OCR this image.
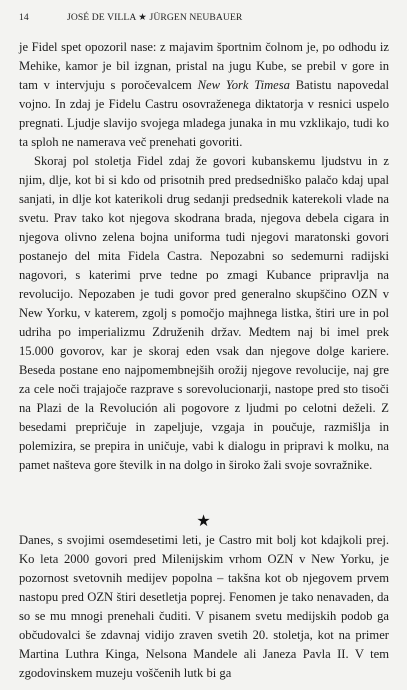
14	JOSÉ DE VILLA ★ JÜRGEN NEUBAUER

je Fidel spet opozoril nase: z majavim športnim čolnom je, po odhodu iz Mehike, kamor je bil izgnan, pristal na jugu Kube, se prebil v gore in tam v intervjuju s poročevalcem New York Timesa Batistu napovedal vojno. In zdaj je Fidelu Castru osovraženega diktatorja v resnici uspelo pregnati. Ljudje slavijo svojega mladega junaka in mu vzklikajo, tudi ko ta sploh ne namerava več prenehati govoriti.

Skoraj pol stoletja Fidel zdaj že govori kubanskemu ljudstvu in z njim, dlje, kot bi si kdo od prisotnih pred predsedniško palačo kdaj upal sanjati, in dlje kot katerikoli drug sedanji predsednik katerekoli vlade na svetu. Prav tako kot njegova skodrana brada, njegova debela cigara in njegova olivno zelena bojna uniforma tudi njegovi maratonski govori postanejo del mita Fidela Castra. Nepozabni so sedemurni radijski nagovori, s katerimi prve tedne po zmagi Kubance pripravlja na revolucijo. Nepozaben je tudi govor pred generalno skupščino OZN v New Yorku, v katerem, zgolj s pomočjo majhnega listka, štiri ure in pol udriha po imperializmu Združenih držav. Medtem naj bi imel prek 15.000 govorov, kar je skoraj eden vsak dan njegove dolge kariere. Beseda postane eno najpomembnejših orožij njegove revolucije, naj gre za cele noči trajajoče razprave s sorevolucionarji, nastope pred sto tisoči na Plazi de la Revolución ali pogovore z ljudmi po celotni deželi. Z besedami prepričuje in zapeljuje, vzgaja in poučuje, razmišlja in polemizira, se prepira in uničuje, vabi k dialogu in pripravi k molku, na pamet našteva gore številk in na dolgo in široko žali svoje sovražnike.

★

Danes, s svojimi osemdesetimi leti, je Castro mit bolj kot kdajkoli prej. Ko leta 2000 govori pred Milenijskim vrhom OZN v New Yorku, je pozornost svetovnih medijev popolna – takšna kot ob njegovem prvem nastopu pred OZN štiri desetletja poprej. Fenomen je tako nenavaden, da so se mu mnogi prenehali čuditi. V pisanem svetu medijskih podob ga občudovalci še zdavnaj vidijo zraven svetih 20. stoletja, kot na primer Martina Luthra Kinga, Nelsona Mandele ali Janeza Pavla II. V tem zgodovinskem muzeju voščenih lutk bi ga
